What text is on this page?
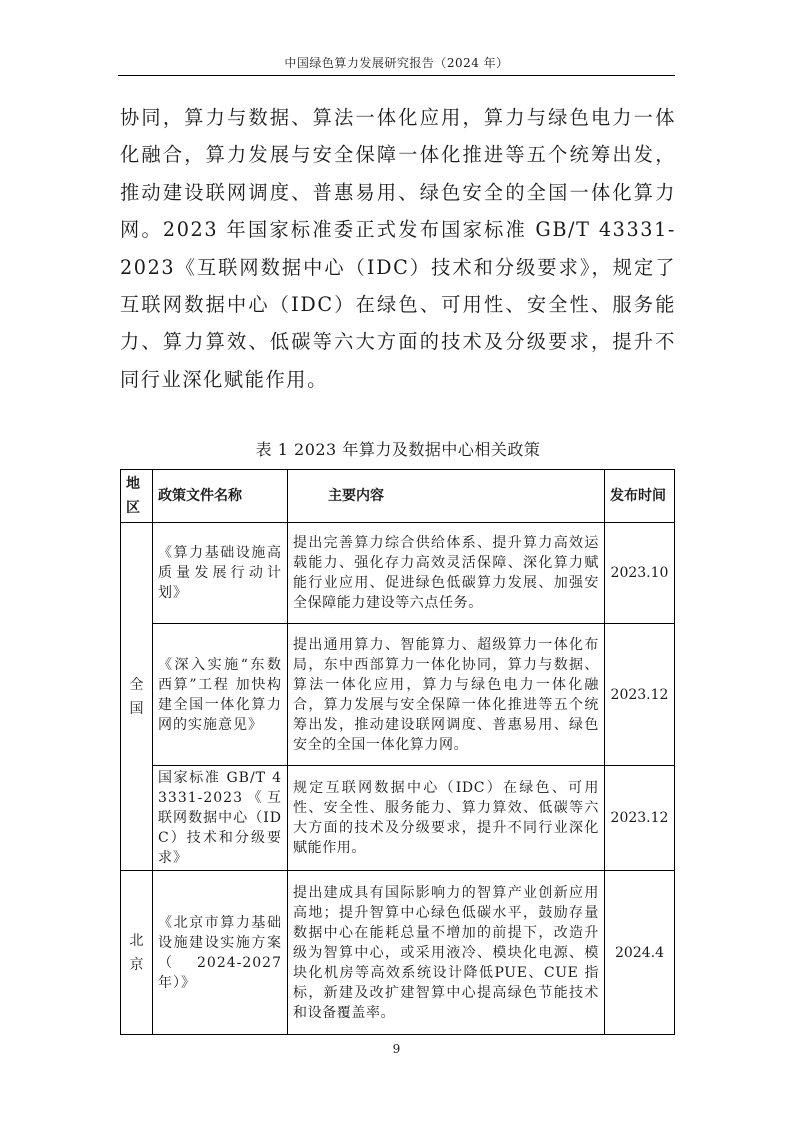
中国绿色算力发展研究报告（2024 年）
协同，算力与数据、算法一体化应用，算力与绿色电力一体化融合，算力发展与安全保障一体化推进等五个统筹出发，推动建设联网调度、普惠易用、绿色安全的全国一体化算力网。2023 年国家标准委正式发布国家标准 GB/T 43331-2023《互联网数据中心（IDC）技术和分级要求》，规定了互联网数据中心（IDC）在绿色、可用性、安全性、服务能力、算力算效、低碳等六大方面的技术及分级要求，提升不同行业深化赋能作用。
表 1 2023 年算力及数据中心相关政策
地区	政策文件名称	主要内容	发布时间
全国	《算力基础设施高质量发展行动计划》	提出完善算力综合供给体系、提升算力高效运载能力、强化存力高效灵活保障、深化算力赋能行业应用、促进绿色低碳算力发展、加强安全保障能力建设等六点任务。	2023.10
	《深入实施“东数西算”工程 加快构建全国一体化算力网的实施意见》	提出通用算力、智能算力、超级算力一体化布局，东中西部算力一体化协同，算力与数据、算法一体化应用，算力与绿色电力一体化融合，算力发展与安全保障一体化推进等五个统筹出发，推动建设联网调度、普惠易用、绿色安全的全国一体化算力网。	2023.12
	国家标准 GB/T 43331-2023《互联网数据中心（IDC）技术和分级要求》	规定互联网数据中心（IDC）在绿色、可用性、安全性、服务能力、算力算效、低碳等六大方面的技术及分级要求，提升不同行业深化赋能作用。	2023.12
北京	《北京市算力基础设施建设实施方案（2024-2027 年）》	提出建成具有国际影响力的智算产业创新应用高地；提升智算中心绿色低碳水平，鼓励存量数据中心在能耗总量不增加的前提下，改造升级为智算中心，或采用液冷、模块化电源、模块化机房等高效系统设计降低PUE、CUE 指标，新建及改扩建智算中心提高绿色节能技术和设备覆盖率。	2024.4
9
